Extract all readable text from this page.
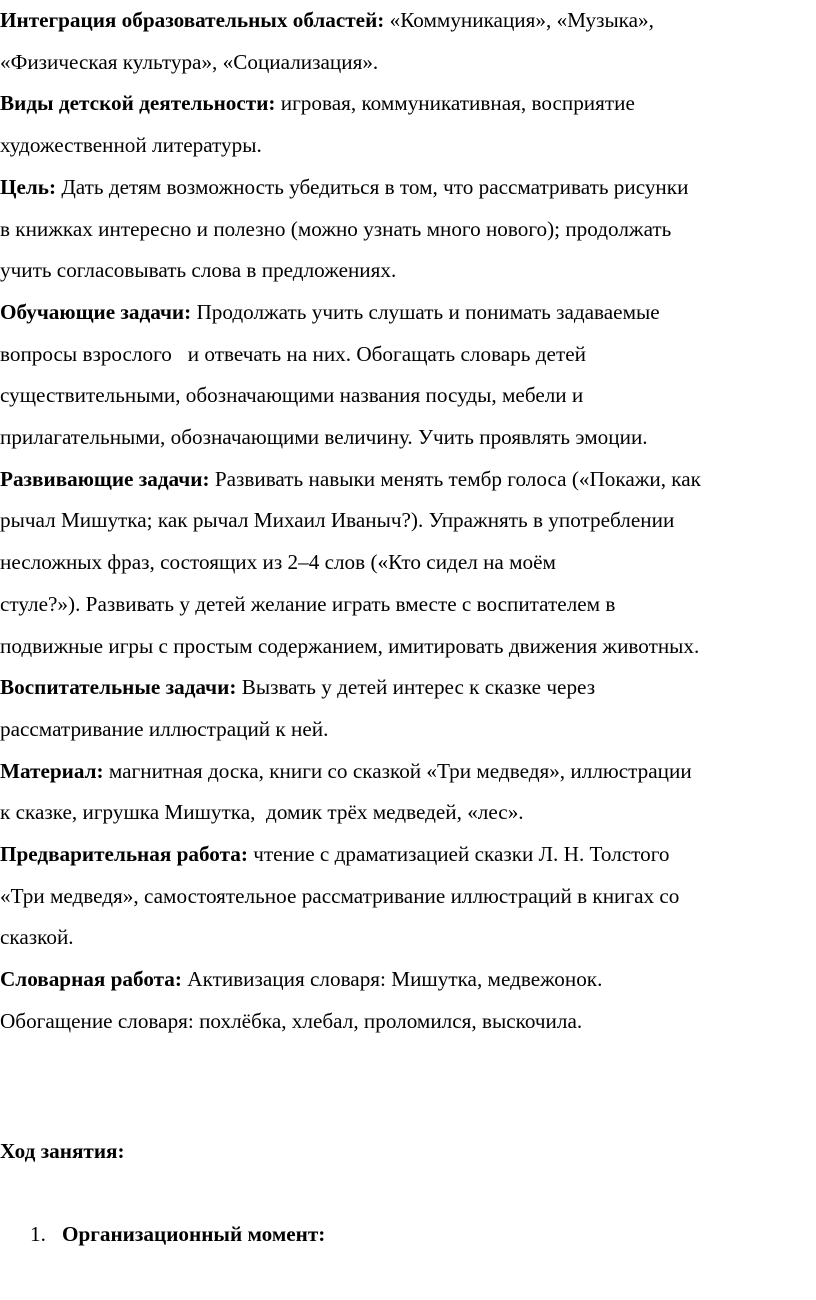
Интеграция образовательных областей: «Коммуникация», «Музыка»,
«Физическая культура», «Социализация».
Виды детской деятельности: игровая, коммуникативная, восприятие
художественной литературы.
Цель: Дать детям возможность убедиться в том, что рассматривать рисунки
в книжках интересно и полезно (можно узнать много нового); продолжать
учить согласовывать слова в предложениях.
Обучающие задачи: Продолжать учить слушать и понимать задаваемые
вопросы взрослого   и отвечать на них. Обогащать словарь детей
существительными, обозначающими названия посуды, мебели и
прилагательными, обозначающими величину. Учить проявлять эмоции.
Развивающие задачи: Развивать навыки менять тембр голоса («Покажи, как
рычал Мишутка; как рычал Михаил Иваныч?). Упражнять в употреблении
несложных фраз, состоящих из 2–4 слов («Кто сидел на моём
стуле?»). Развивать у детей желание играть вместе с воспитателем в
подвижные игры с простым содержанием, имитировать движения животных.
Воспитательные задачи: Вызвать у детей интерес к сказке через
рассматривание иллюстраций к ней.
Материал: магнитная доска, книги со сказкой «Три медведя», иллюстрации
к сказке, игрушка Мишутка,  домик трёх медведей, «лес».
Предварительная работа: чтение с драматизацией сказки Л. Н. Толстого
«Три медведя», самостоятельное рассматривание иллюстраций в книгах со
сказкой.
Словарная работа: Активизация словаря: Мишутка, медвежонок.
Обогащение словаря: похлёбка, хлебал, проломился, выскочила.
Ход занятия:
1. Организационный момент:
